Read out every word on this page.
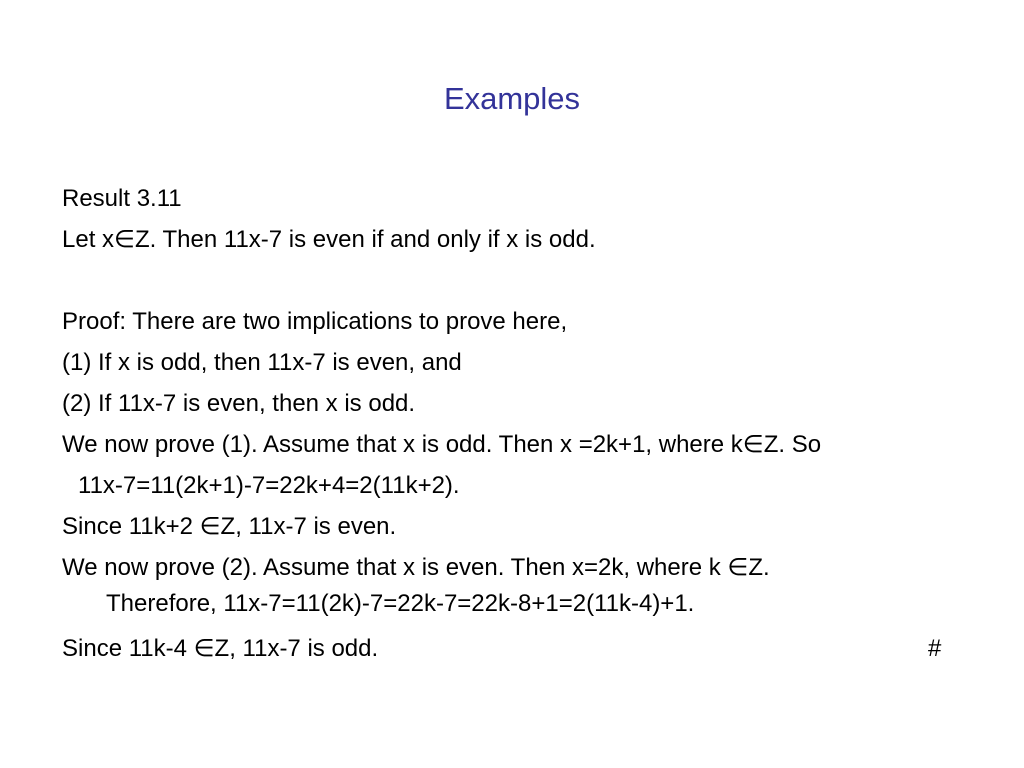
Examples
Result 3.11
Let x∈Z. Then 11x-7 is even if and only if x is odd.
Proof: There are two implications to prove here,
(1) If x is odd, then 11x-7 is even, and
(2) If 11x-7 is even, then x is odd.
We now prove (1). Assume that x is odd. Then x =2k+1, where k∈Z. So
11x-7=11(2k+1)-7=22k+4=2(11k+2).
Since 11k+2 ∈Z, 11x-7 is even.
We now prove (2). Assume that x is even. Then x=2k, where k ∈Z.
Therefore, 11x-7=11(2k)-7=22k-7=22k-8+1=2(11k-4)+1.
Since 11k-4 ∈Z, 11x-7 is odd.	#
